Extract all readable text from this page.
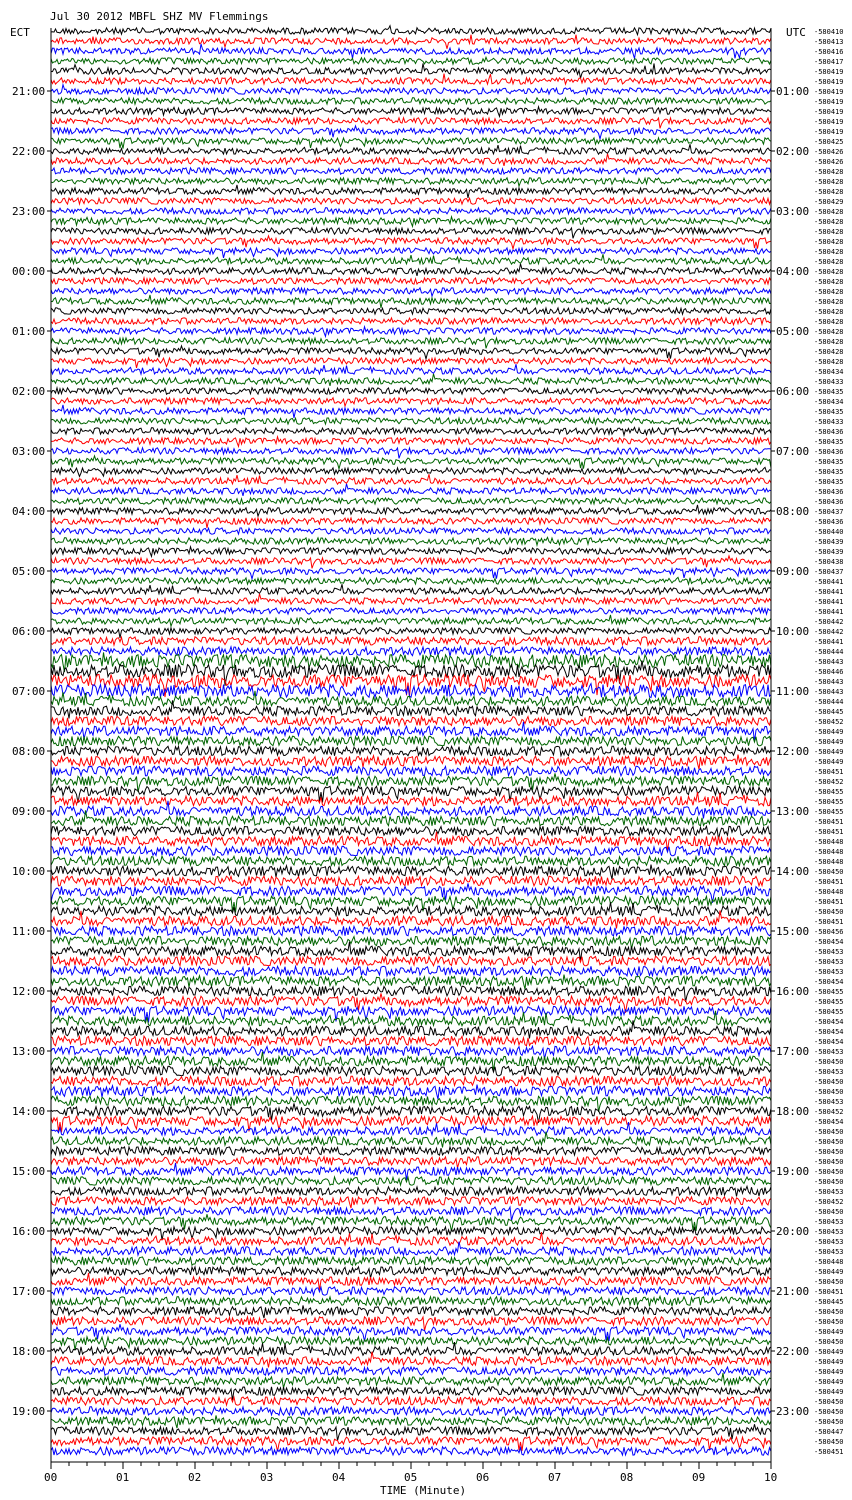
Jul 30 2012 MBFL SHZ MV Flemmings
ECT	UTC
TIME (Minute)
21:00
22:00
23:00
00:00
01:00
02:00
03:00
04:00
05:00
06:00
07:00
08:00
09:00
10:00
11:00
12:00
13:00
14:00
15:00
16:00
17:00
18:00
19:00
01:00
02:00
03:00
04:00
05:00
06:00
07:00
08:00
09:00
10:00
11:00
12:00
13:00
14:00
15:00
16:00
17:00
18:00
19:00
20:00
21:00
22:00
23:00
-580410
-580413
-580416
-580417
-580419
-580419
-580419
-580419
-580419
-580419
-580419
-580425
-580426
-580426
-580428
-580428
-580428
-580429
-580428
-580428
-580428
-580428
-580428
-580428
-580428
-580428
-580428
-580428
-580428
-580428
-580428
-580428
-580428
-580428
-580434
-580433
-580435
-580434
-580435
-580433
-580436
-580435
-580436
-580435
-580435
-580435
-580436
-580436
-580437
-580436
-580440
-580439
-580439
-580438
-580437
-580441
-580441
-580441
-580441
-580442
-580442
-580441
-580444
-580443
-580446
-580443
-580443
-580444
-580445
-580452
-580449
-580449
-580449
-580449
-580451
-580452
-580455
-580455
-580455
-580451
-580451
-580448
-580448
-580448
-580450
-580451
-580448
-580451
-580450
-580451
-580456
-580454
-580453
-580453
-580453
-580454
-580455
-580455
-580455
-580454
-580454
-580454
-580453
-580450
-580453
-580450
-580450
-580453
-580452
-580454
-580450
-580450
-580450
-580450
-580450
-580450
-580453
-580452
-580450
-580453
-580453
-580453
-580453
-580448
-580449
-580450
-580451
-580445
-580450
-580450
-580449
-580450
-580449
-580449
-580449
-580449
-580449
-580450
-580450
-580450
-580447
-580450
-580451
00	01	02	03	04	05	06	07	08	09	10
